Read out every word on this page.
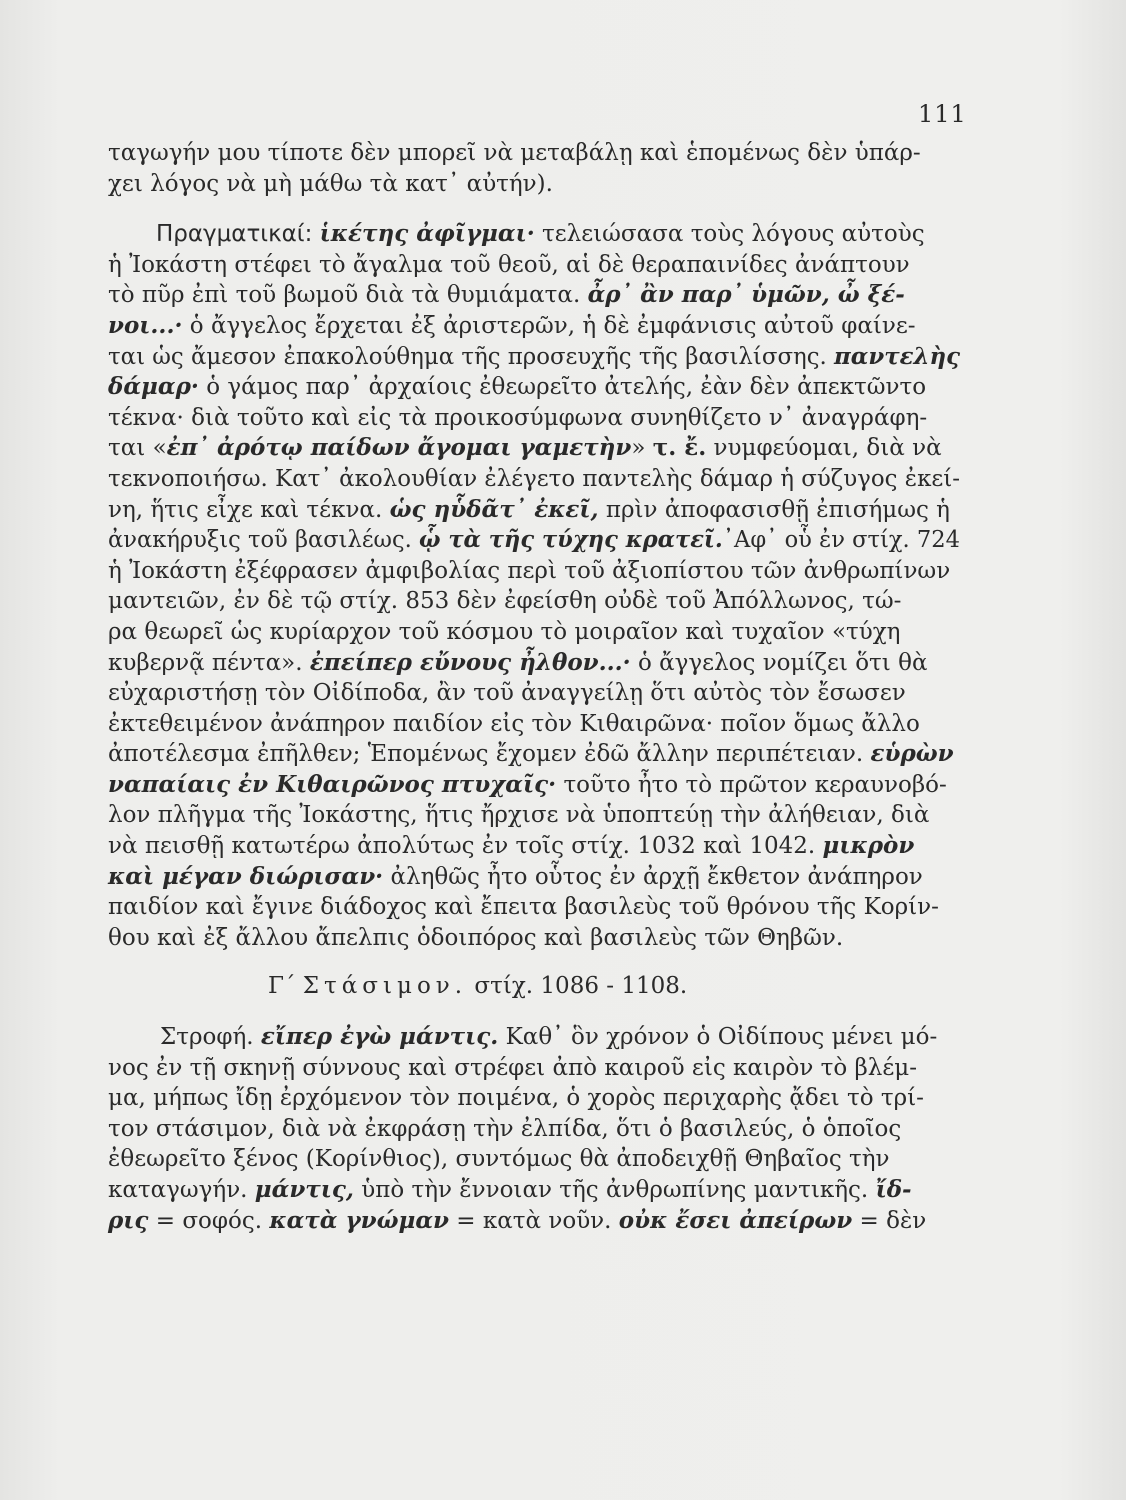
111
ταγωγήν μου τίποτε δὲν μπορεῖ νὰ μεταβάλῃ καὶ ἑπομένως δὲν ὑπάρ-
χει λόγος νὰ μὴ μάθω τὰ κατ᾽ αὐτήν).
Πραγματικαί: ἱκέτης ἀφῖγμαι· τελειώσασα τοὺς λόγους αὐτοὺς
ἡ Ἰοκάστη στέφει τὸ ἄγαλμα τοῦ θεοῦ, αἱ δὲ θεραπαινίδες ἀνάπτουν
τὸ πῦρ ἐπὶ τοῦ βωμοῦ διὰ τὰ θυμιάματα. ἆρ᾽ ἂν παρ᾽ ὑμῶν, ὦ ξέ-
νοι...· ὁ ἄγγελος ἔρχεται ἐξ ἀριστερῶν, ἡ δὲ ἐμφάνισις αὐτοῦ φαίνε-
ται ὡς ἄμεσον ἐπακολούθημα τῆς προσευχῆς τῆς βασιλίσσης. παντελὴς
δάμαρ· ὁ γάμος παρ᾽ ἀρχαίοις ἐθεωρεῖτο ἀτελής, ἐὰν δὲν ἀπεκτῶντο
τέκνα· διὰ τοῦτο καὶ εἰς τὰ προικοσύμφωνα συνηθίζετο ν᾽ ἀναγράφη-
ται «ἐπ᾽ ἀρότῳ παίδων ἄγομαι γαμετὴν» τ. ἔ. νυμφεύομαι, διὰ νὰ
τεκνοποιήσω. Κατ᾽ ἀκολουθίαν ἐλέγετο παντελὴς δάμαρ ἡ σύζυγος ἐκεί-
νη, ἥτις εἶχε καὶ τέκνα. ὡς ηὗδᾶτ᾽ ἐκεῖ, πρὶν ἀποφασισθῇ ἐπισήμως ἡ
ἀνακήρυξις τοῦ βασιλέως. ᾧ τὰ τῆς τύχης κρατεῖ.᾽Αφ᾽ οὗ ἐν στίχ. 724
ἡ Ἰοκάστη ἐξέφρασεν ἀμφιβολίας περὶ τοῦ ἀξιοπίστου τῶν ἀνθρωπίνων
μαντειῶν, ἐν δὲ τῷ στίχ. 853 δὲν ἐφείσθη οὐδὲ τοῦ Ἀπόλλωνος, τώ-
ρα θεωρεῖ ὡς κυρίαρχον τοῦ κόσμου τὸ μοιραῖον καὶ τυχαῖον «τύχη
κυβερνᾷ πέντα». ἐπείπερ εὔνους ἦλθον...· ὁ ἄγγελος νομίζει ὅτι θὰ
εὐχαριστήσῃ τὸν Οἰδίποδα, ἂν τοῦ ἀναγγείλῃ ὅτι αὐτὸς τὸν ἔσωσεν
ἐκτεθειμένον ἀνάπηρον παιδίον εἰς τὸν Κιθαιρῶνα· ποῖον ὅμως ἄλλο
ἀποτέλεσμα ἐπῆλθεν; Ἑπομένως ἔχομεν ἐδῶ ἄλλην περιπέτειαν. εὑρὼν
ναπαίαις ἐν Κιθαιρῶνος πτυχαῖς· τοῦτο ἦτο τὸ πρῶτον κεραυνοβό-
λον πλῆγμα τῆς Ἰοκάστης, ἥτις ἤρχισε νὰ ὑποπτεύῃ τὴν ἀλήθειαν, διὰ
νὰ πεισθῇ κατωτέρω ἀπολύτως ἐν τοῖς στίχ. 1032 καὶ 1042. μικρὸν
καὶ μέγαν διώρισαν· ἀληθῶς ἦτο οὗτος ἐν ἀρχῇ ἔκθετον ἀνάπηρον
παιδίον καὶ ἔγινε διάδοχος καὶ ἔπειτα βασιλεὺς τοῦ θρόνου τῆς Κορίν-
θου καὶ ἐξ ἄλλου ἄπελπις ὁδοιπόρος καὶ βασιλεὺς τῶν Θηβῶν.
Γ΄ Στάσιμον. στίχ. 1086 - 1108.
Στροφή. εἴπερ ἐγὼ μάντις. Καθ᾽ ὃν χρόνον ὁ Οἰδίπους μένει μό-
νος ἐν τῇ σκηνῇ σύννους καὶ στρέφει ἀπὸ καιροῦ εἰς καιρὸν τὸ βλέμ-
μα, μήπως ἴδῃ ἐρχόμενον τὸν ποιμένα, ὁ χορὸς περιχαρὴς ᾄδει τὸ τρί-
τον στάσιμον, διὰ νὰ ἐκφράσῃ τὴν ἐλπίδα, ὅτι ὁ βασιλεύς, ὁ ὁποῖος
ἐθεωρεῖτο ξένος (Κορίνθιος), συντόμως θὰ ἀποδειχθῇ Θηβαῖος τὴν
καταγωγήν. μάντις, ὑπὸ τὴν ἔννοιαν τῆς ἀνθρωπίνης μαντικῆς. ἴδ-
ρις = σοφός. κατὰ γνώμαν = κατὰ νοῦν. οὐκ ἔσει ἀπείρων = δὲν
